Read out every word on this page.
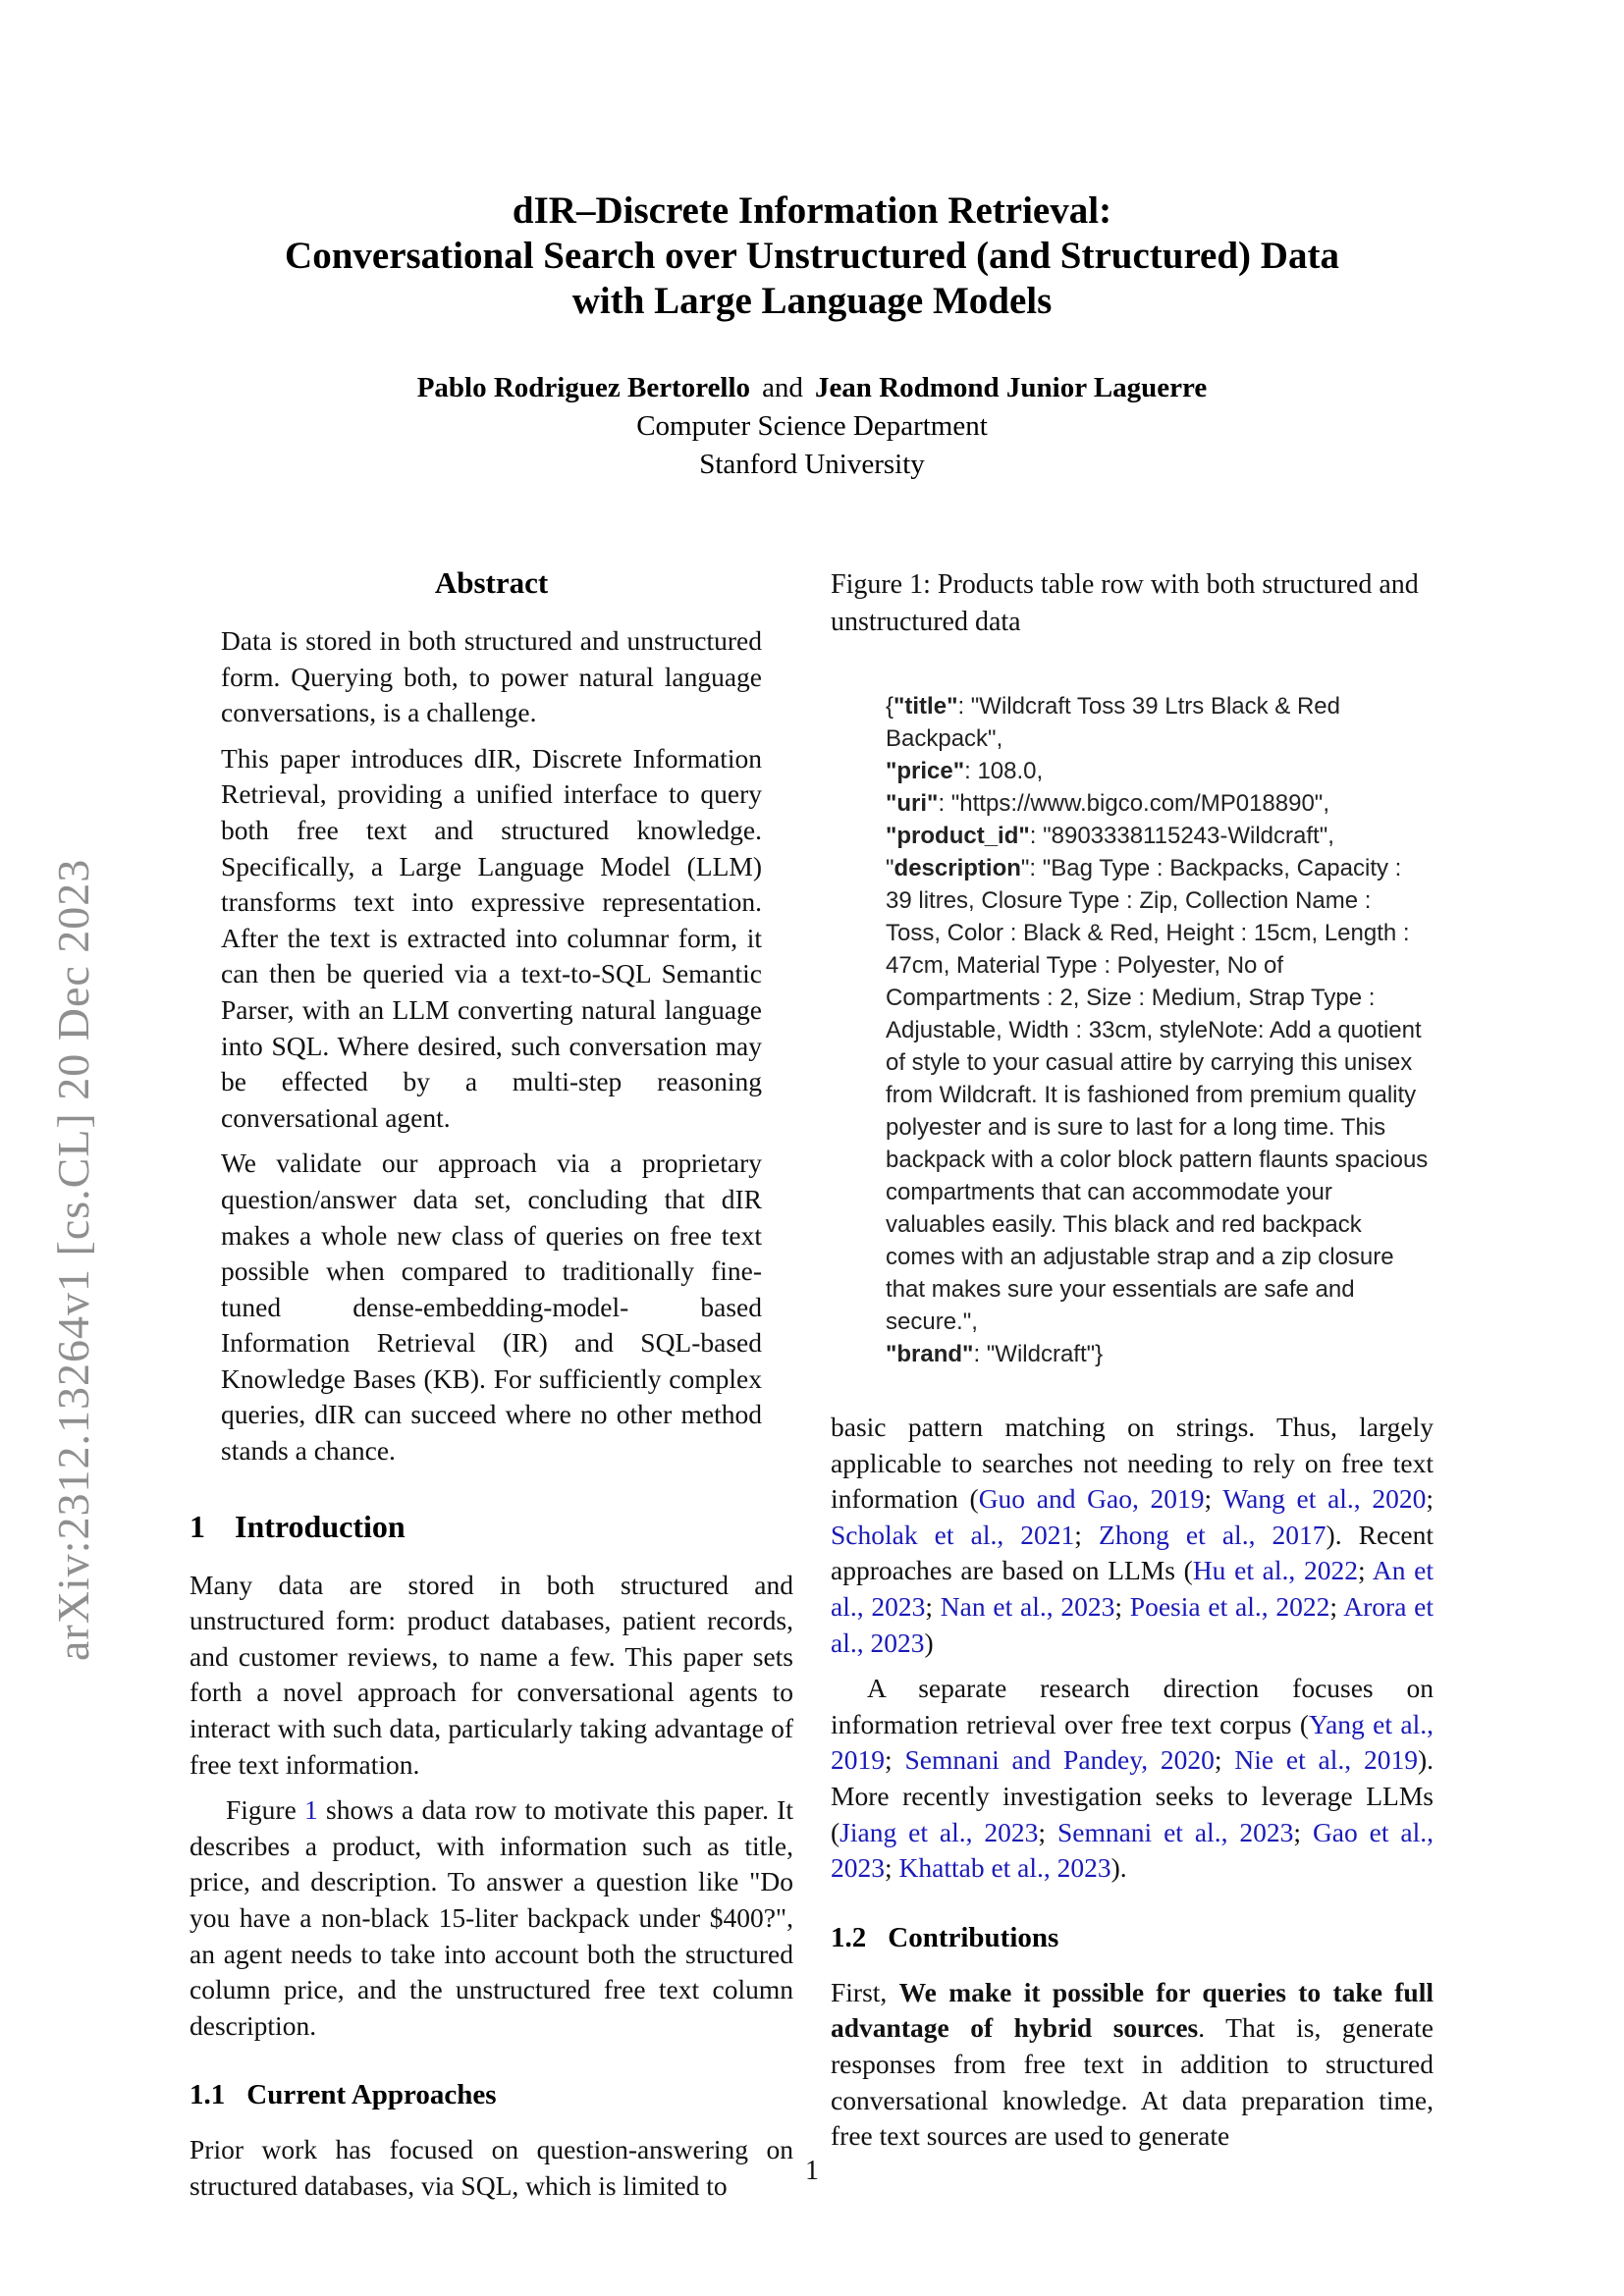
arXiv:2312.13264v1 [cs.CL] 20 Dec 2023
dIR–Discrete Information Retrieval:
Conversational Search over Unstructured (and Structured) Data
with Large Language Models
Pablo Rodriguez Bertorello and Jean Rodmond Junior Laguerre
Computer Science Department
Stanford University
Abstract

Data is stored in both structured and unstructured form. Querying both, to power natural language conversations, is a challenge.

This paper introduces dIR, Discrete Information Retrieval, providing a unified interface to query both free text and structured knowledge. Specifically, a Large Language Model (LLM) transforms text into expressive representation. After the text is extracted into columnar form, it can then be queried via a text-to-SQL Semantic Parser, with an LLM converting natural language into SQL. Where desired, such conversation may be effected by a multi-step reasoning conversational agent.

We validate our approach via a proprietary question/answer data set, concluding that dIR makes a whole new class of queries on free text possible when compared to traditionally fine-tuned dense-embedding-model- based Information Retrieval (IR) and SQL-based Knowledge Bases (KB). For sufficiently complex queries, dIR can succeed where no other method stands a chance.

1 Introduction

Many data are stored in both structured and unstructured form: product databases, patient records, and customer reviews, to name a few. This paper sets forth a novel approach for conversational agents to interact with such data, particularly taking advantage of free text information.

Figure 1 shows a data row to motivate this paper. It describes a product, with information such as title, price, and description. To answer a question like "Do you have a non-black 15-liter backpack under $400?", an agent needs to take into account both the structured column price, and the unstructured free text column description.

1.1 Current Approaches

Prior work has focused on question-answering on structured databases, via SQL, which is limited to

Figure 1: Products table row with both structured and unstructured data
{"title": "Wildcraft Toss 39 Ltrs Black & Red Backpack",
"price": 108.0,
"uri": "https://www.bigco.com/MP018890",
"product_id": "8903338115243-Wildcraft",
"description": "Bag Type : Backpacks, Capacity : 39 litres, Closure Type : Zip, Collection Name : Toss, Color : Black & Red, Height : 15cm, Length : 47cm, Material Type : Polyester, No of Compartments : 2, Size : Medium, Strap Type : Adjustable, Width : 33cm, styleNote: Add a quotient of style to your casual attire by carrying this unisex from Wildcraft. It is fashioned from premium quality polyester and is sure to last for a long time. This backpack with a color block pattern flaunts spacious compartments that can accommodate your valuables easily. This black and red backpack comes with an adjustable strap and a zip closure that makes sure your essentials are safe and secure.",
"brand": "Wildcraft"}

basic pattern matching on strings. Thus, largely applicable to searches not needing to rely on free text information (Guo and Gao, 2019; Wang et al., 2020; Scholak et al., 2021; Zhong et al., 2017). Recent approaches are based on LLMs (Hu et al., 2022; An et al., 2023; Nan et al., 2023; Poesia et al., 2022; Arora et al., 2023)

A separate research direction focuses on information retrieval over free text corpus (Yang et al., 2019; Semnani and Pandey, 2020; Nie et al., 2019). More recently investigation seeks to leverage LLMs (Jiang et al., 2023; Semnani et al., 2023; Gao et al., 2023; Khattab et al., 2023).

1.2 Contributions

First, We make it possible for queries to take full advantage of hybrid sources. That is, generate responses from free text in addition to structured conversational knowledge. At data preparation time, free text sources are used to generate

1
